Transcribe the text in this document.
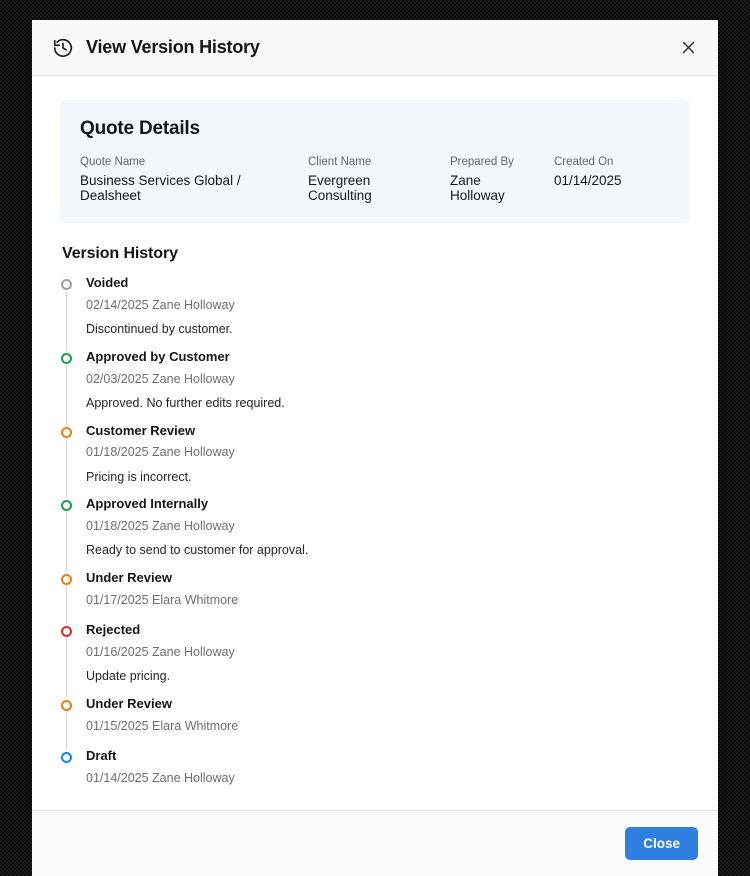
View Version History
Quote Details
Quote Name
Business Services Global / Dealsheet
Client Name
Evergreen Consulting
Prepared By
Zane Holloway
Created On
01/14/2025
Version History
Voided
02/14/2025 Zane Holloway
Discontinued by customer.
Approved by Customer
02/03/2025 Zane Holloway
Approved. No further edits required.
Customer Review
01/18/2025 Zane Holloway
Pricing is incorrect.
Approved Internally
01/18/2025 Zane Holloway
Ready to send to customer for approval.
Under Review
01/17/2025 Elara Whitmore
Rejected
01/16/2025 Zane Holloway
Update pricing.
Under Review
01/15/2025 Elara Whitmore
Draft
01/14/2025 Zane Holloway
Close
